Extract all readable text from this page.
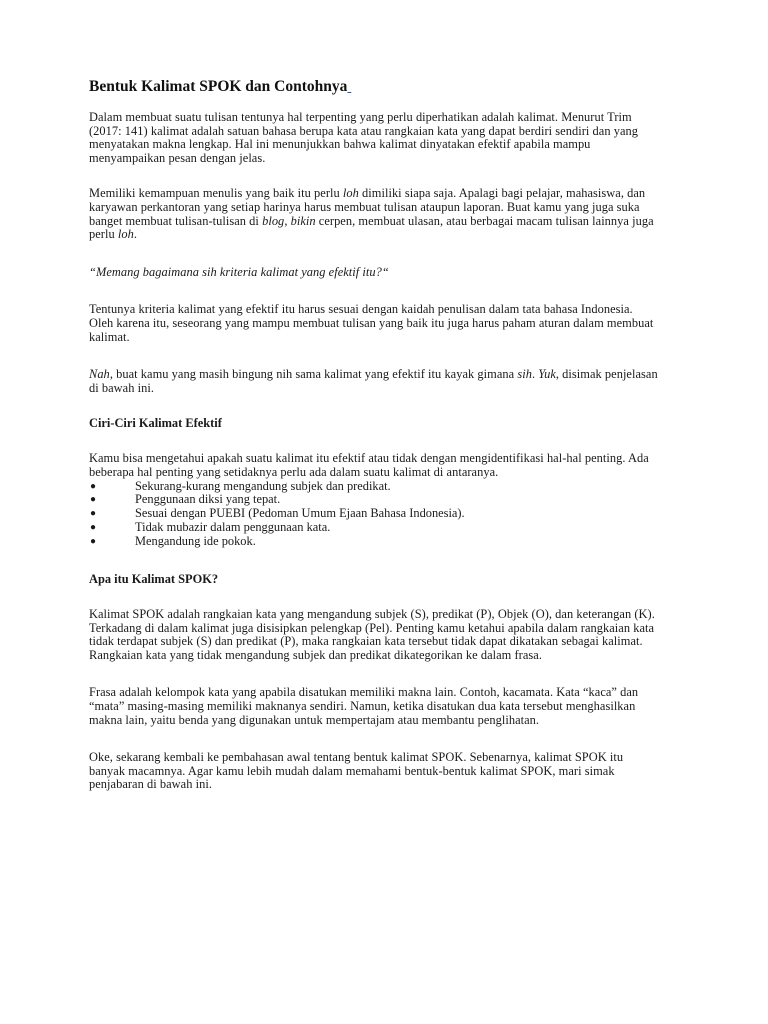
Bentuk Kalimat SPOK dan Contohnya

Dalam membuat suatu tulisan tentunya hal terpenting yang perlu diperhatikan adalah kalimat. Menurut Trim (2017: 141) kalimat adalah satuan bahasa berupa kata atau rangkaian kata yang dapat berdiri sendiri dan yang menyatakan makna lengkap. Hal ini menunjukkan bahwa kalimat dinyatakan efektif apabila mampu menyampaikan pesan dengan jelas.

Memiliki kemampuan menulis yang baik itu perlu loh dimiliki siapa saja. Apalagi bagi pelajar, mahasiswa, dan karyawan perkantoran yang setiap harinya harus membuat tulisan ataupun laporan. Buat kamu yang juga suka banget membuat tulisan-tulisan di blog, bikin cerpen, membuat ulasan, atau berbagai macam tulisan lainnya juga perlu loh.

“Memang bagaimana sih kriteria kalimat yang efektif itu?“

Tentunya kriteria kalimat yang efektif itu harus sesuai dengan kaidah penulisan dalam tata bahasa Indonesia. Oleh karena itu, seseorang yang mampu membuat tulisan yang baik itu juga harus paham aturan dalam membuat kalimat.

Nah, buat kamu yang masih bingung nih sama kalimat yang efektif itu kayak gimana sih. Yuk, disimak penjelasan di bawah ini.

Ciri-Ciri Kalimat Efektif

Kamu bisa mengetahui apakah suatu kalimat itu efektif atau tidak dengan mengidentifikasi hal-hal penting. Ada beberapa hal penting yang setidaknya perlu ada dalam suatu kalimat di antaranya.

●	Sekurang-kurang mengandung subjek dan predikat.
●	Penggunaan diksi yang tepat.
●	Sesuai dengan PUEBI (Pedoman Umum Ejaan Bahasa Indonesia).
●	Tidak mubazir dalam penggunaan kata.
●	Mengandung ide pokok.
Apa itu Kalimat SPOK?

Kalimat SPOK adalah rangkaian kata yang mengandung subjek (S), predikat (P), Objek (O), dan keterangan (K). Terkadang di dalam kalimat juga disisipkan pelengkap (Pel). Penting kamu ketahui apabila dalam rangkaian kata tidak terdapat subjek (S) dan predikat (P), maka rangkaian kata tersebut tidak dapat dikatakan sebagai kalimat. Rangkaian kata yang tidak mengandung subjek dan predikat dikategorikan ke dalam frasa.

Frasa adalah kelompok kata yang apabila disatukan memiliki makna lain. Contoh, kacamata. Kata “kaca” dan “mata” masing-masing memiliki maknanya sendiri. Namun, ketika disatukan dua kata tersebut menghasilkan makna lain, yaitu benda yang digunakan untuk mempertajam atau membantu penglihatan.

Oke, sekarang kembali ke pembahasan awal tentang bentuk kalimat SPOK. Sebenarnya, kalimat SPOK itu banyak macamnya. Agar kamu lebih mudah dalam memahami bentuk-bentuk kalimat SPOK, mari simak penjabaran di bawah ini.
